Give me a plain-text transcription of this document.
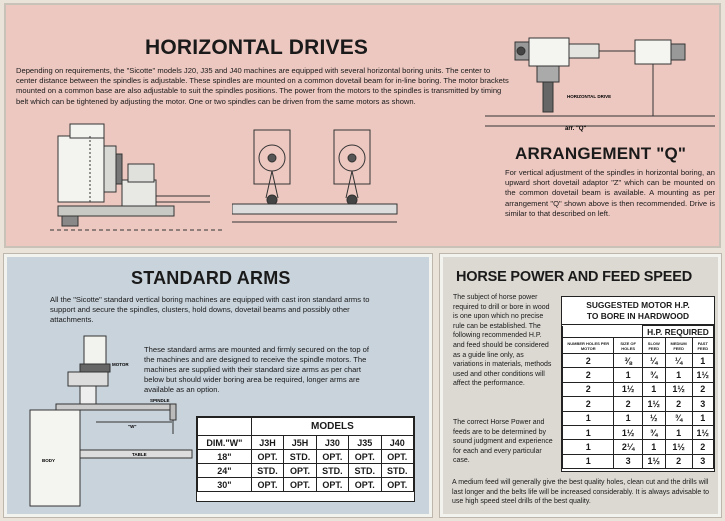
HORIZONTAL DRIVES

Depending on requirements, the "Sicotte" models J20, J35 and J40 machines are equipped with several horizontal boring units. The center to center distance between the spindles is adjustable. These spindles are mounted on a common dovetail beam for in-line boring. The motor brackets mounted on a common base are also adjustable to suit the spindles positions. The power from the motors to the spindles is transmitted by timing belt which can be tightened by adjusting the motor. One or two spindles can be driven from the same motors as shown.

HORIZONTAL DRIVE
arr. "Q"
ARRANGEMENT "Q"

For vertical adjustment of the spindles in horizontal boring, an upward short dovetail adaptor "Z" which can be mounted on the common dovetail beam is available. A mounting as per arrangement "Q" shown above is then recommended. Drive is similar to that described on left.

STANDARD ARMS

All the "Sicotte" standard vertical boring machines are equipped with cast iron standard arms to support and secure the spindles, clusters, hold downs, dovetail beams and possibly other attachments.

These standard arms are mounted and firmly secured on the top of the machines and are designed to receive the spindle motors. The machines are supplied with their standard size arms as per chart below but should wider boring area be required, longer arms are available as an option.

MOTOR
SPINDLE
"W"
TABLE
BODY
	MODELS				
DIM."W"	J3H	J5H	J30	J35	J40
18"	OPT.	STD.	OPT.	OPT.	OPT.
24"	STD.	OPT.	STD.	STD.	STD.
30"	OPT.	OPT.	OPT.	OPT.	OPT.
HORSE POWER AND FEED SPEED

The subject of horse power required to drill or bore in wood is one upon which no precise rule can be established. The following recommended H.P. and feed should be considered as a guide line only, as variations in materials, methods used and other conditions will affect the performance.

The correct Horse Power and feeds are to be determined by sound judgment and experience for each and every particular case.

A medium feed will generally give the best quality holes, clean cut and the drills will last longer and the belts life will be increased considerably. It is always advisable to use high speed steel drills of the best quality.

SUGGESTED MOTOR H.P.
TO BORE IN HARDWOOD
		H.P. REQUIRED		
NUMBER HOLES PER MOTOR	SIZE OF HOLES	SLOW FEED	MEDIUM FEED	FAST FEED
2	⅜	¼	¼	1
2	1	¾	1	1½
2	1½	1	1½	2
2	2	1½	2	3
1	1	½	¾	1
1	1½	¾	1	1½
1	2¼	1	1½	2
1	3	1½	2	3
